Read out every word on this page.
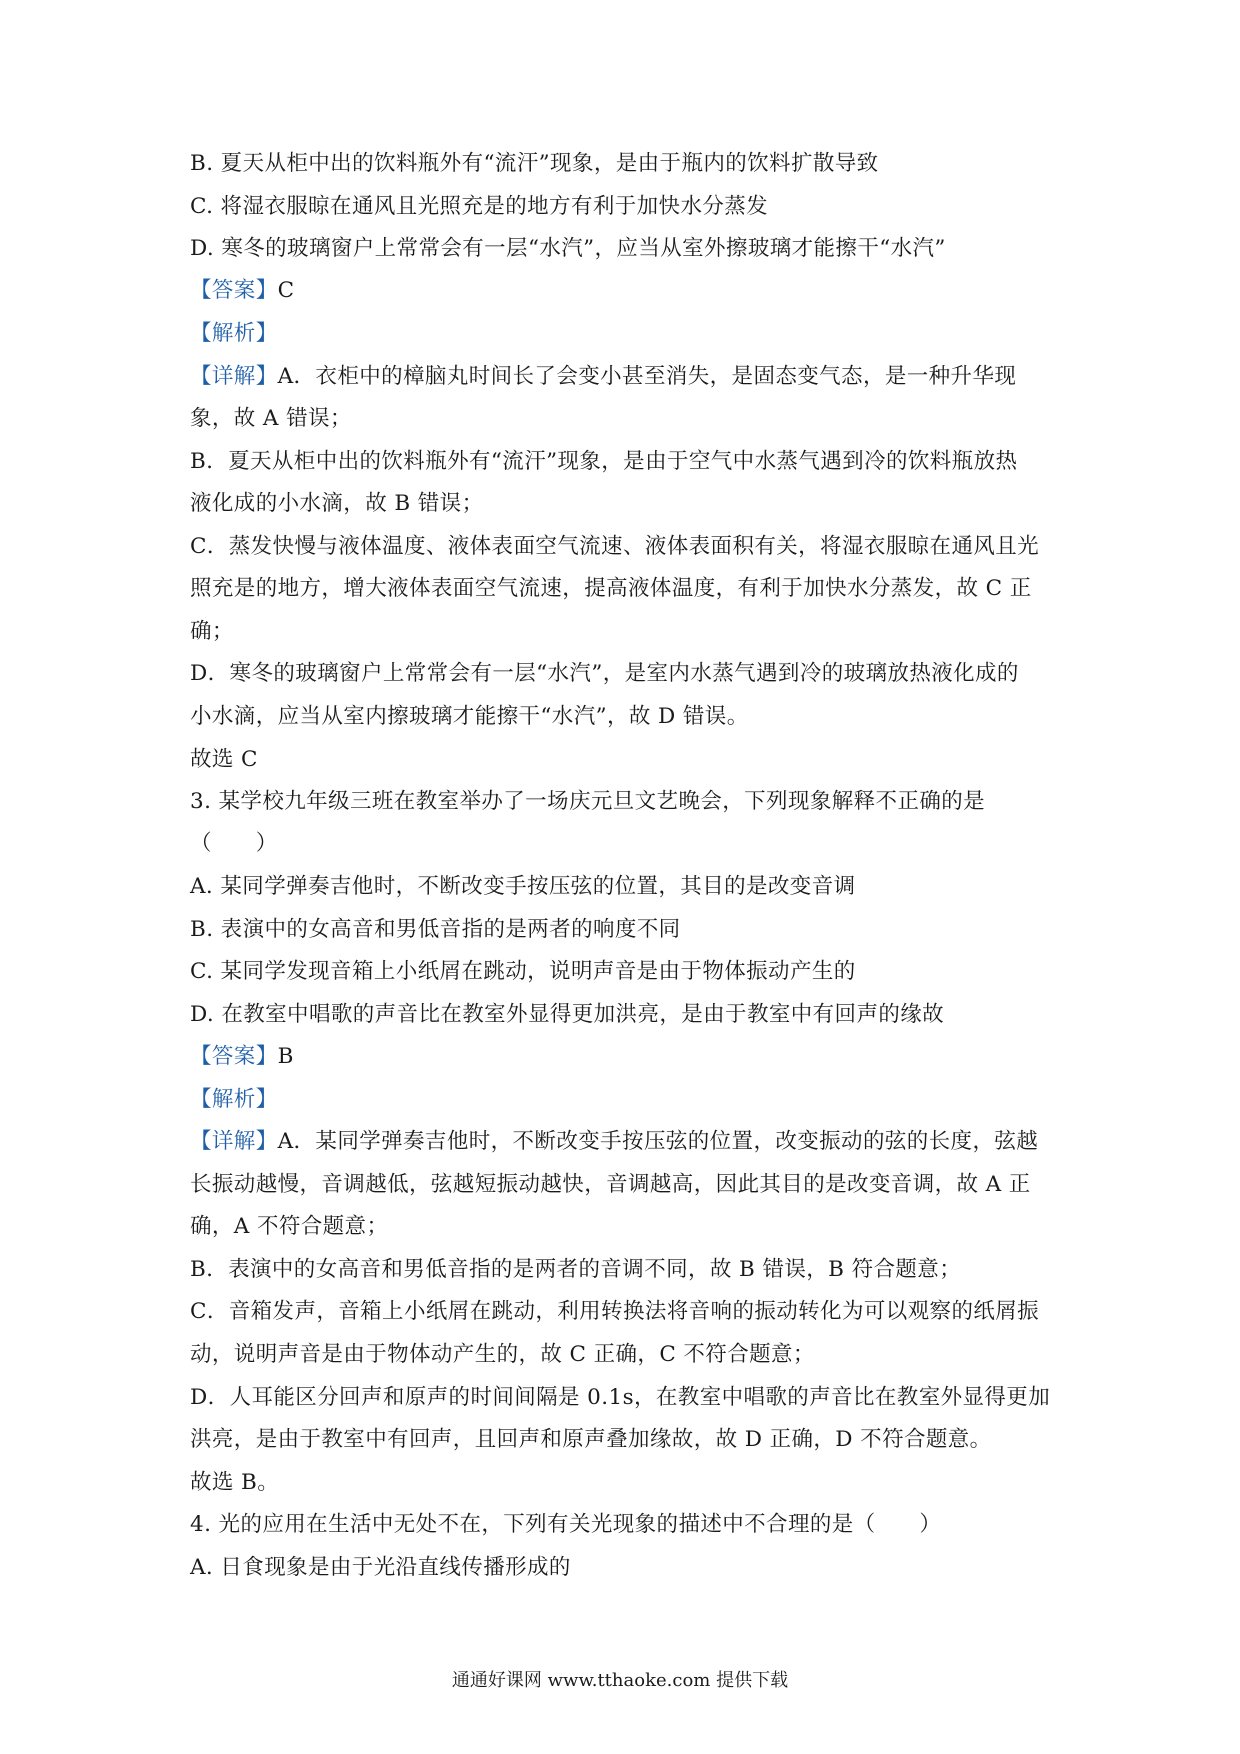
B. 夏天从柜中出的饮料瓶外有“流汗”现象，是由于瓶内的饮料扩散导致
C. 将湿衣服晾在通风且光照充是的地方有利于加快水分蒸发
D. 寒冬的玻璃窗户上常常会有一层“水汽”，应当从室外擦玻璃才能擦干“水汽”
【答案】C
【解析】
【详解】A．衣柜中的樟脑丸时间长了会变小甚至消失，是固态变气态，是一种升华现
象，故 A 错误；
B．夏天从柜中出的饮料瓶外有“流汗”现象，是由于空气中水蒸气遇到冷的饮料瓶放热
液化成的小水滴，故 B 错误；
C．蒸发快慢与液体温度、液体表面空气流速、液体表面积有关，将湿衣服晾在通风且光
照充是的地方，增大液体表面空气流速，提高液体温度，有利于加快水分蒸发，故 C 正
确；
D．寒冬的玻璃窗户上常常会有一层“水汽”，是室内水蒸气遇到冷的玻璃放热液化成的
小水滴，应当从室内擦玻璃才能擦干“水汽”，故 D 错误。
故选 C
3. 某学校九年级三班在教室举办了一场庆元旦文艺晚会，下列现象解释不正确的是
（　　）
A. 某同学弹奏吉他时，不断改变手按压弦的位置，其目的是改变音调
B. 表演中的女高音和男低音指的是两者的响度不同
C. 某同学发现音箱上小纸屑在跳动，说明声音是由于物体振动产生的
D. 在教室中唱歌的声音比在教室外显得更加洪亮，是由于教室中有回声的缘故
【答案】B
【解析】
【详解】A．某同学弹奏吉他时，不断改变手按压弦的位置，改变振动的弦的长度，弦越
长振动越慢，音调越低，弦越短振动越快，音调越高，因此其目的是改变音调，故 A 正
确，A 不符合题意；
B．表演中的女高音和男低音指的是两者的音调不同，故 B 错误，B 符合题意；
C．音箱发声，音箱上小纸屑在跳动，利用转换法将音响的振动转化为可以观察的纸屑振
动，说明声音是由于物体动产生的，故 C 正确，C 不符合题意；
D．人耳能区分回声和原声的时间间隔是 0.1s，在教室中唱歌的声音比在教室外显得更加
洪亮，是由于教室中有回声，且回声和原声叠加缘故，故 D 正确，D 不符合题意。
故选 B。
4. 光的应用在生活中无处不在，下列有关光现象的描述中不合理的是（　　）
A. 日食现象是由于光沿直线传播形成的
通通好课网 www.tthaoke.com 提供下载
